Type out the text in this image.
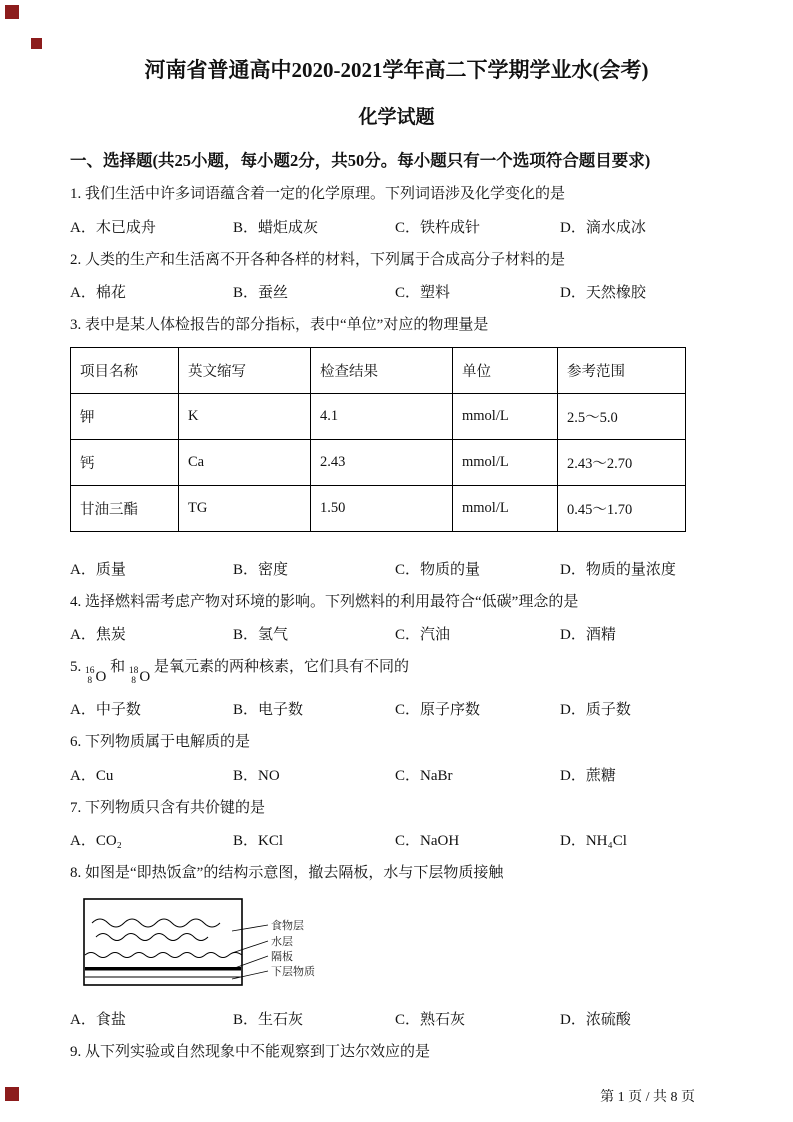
河南省普通高中2020-2021学年高二下学期学业水(会考)
化学试题
一、选择题(共25小题，每小题2分，共50分。每小题只有一个选项符合题目要求)
1. 我们生活中许多词语蕴含着一定的化学原理。下列词语涉及化学变化的是
A．木已成舟	B．蜡炬成灰	C．铁杵成针	D．滴水成冰
2. 人类的生产和生活离不开各种各样的材料，下列属于合成高分子材料的是
A．棉花	B．蚕丝	C．塑料	D．天然橡胶
3. 表中是某人体检报告的部分指标，表中“单位”对应的物理量是
项目名称	英文缩写	检查结果	单位	参考范围
钾	K	4.1	mmol/L	2.5～5.0
钙	Ca	2.43	mmol/L	2.43～2.70
甘油三酯	TG	1.50	mmol/L	0.45～1.70
A．质量	B．密度	C．物质的量	D．物质的量浓度
4. 选择燃料需考虑产物对环境的影响。下列燃料的利用最符合“低碳”理念的是
A．焦炭	B．氢气	C．汽油	D．酒精
5. 16
8 O
和 18
8 O
是氧元素的两种核素，它们具有不同的
A．中子数	B．电子数	C．原子序数	D．质子数
6. 下列物质属于电解质的是
A．Cu	B．NO	C．NaBr	D．蔗糖
7. 下列物质只含有共价键的是
A．CO₂	B．KCl	C．NaOH	D．NH₄Cl
8. 如图是“即热饭盒”的结构示意图，撤去隔板，水与下层物质接触
食物层
水层
隔板
下层物质
A．食盐	B．生石灰	C．熟石灰	D．浓硫酸
9. 从下列实验或自然现象中不能观察到丁达尔效应的是
第 1 页 / 共 8 页
